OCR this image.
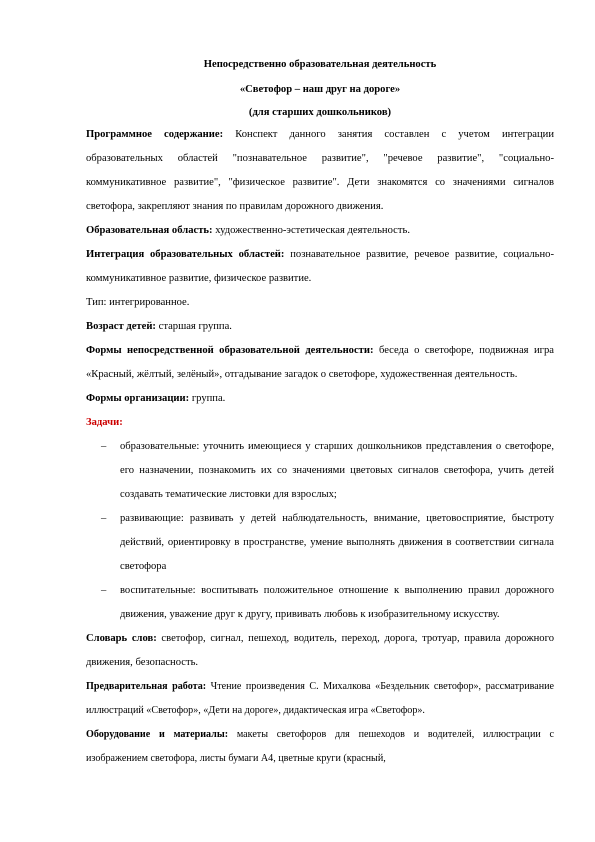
Непосредственно образовательная деятельность
«Светофор – наш друг на дороге»
(для старших дошкольников)

Программное содержание: Конспект данного занятия составлен с учетом интеграции образовательных областей "познавательное развитие", "речевое развитие", "социально-коммуникативное развитие", "физическое развитие". Дети знакомятся со значениями сигналов светофора, закрепляют знания по правилам дорожного движения.

Образовательная область: художественно-эстетическая деятельность.

Интеграция образовательных областей: познавательное развитие, речевое развитие, социально-коммуникативное развитие, физическое развитие.

Тип: интегрированное.

Возраст детей: старшая группа.

Формы непосредственной образовательной деятельности: беседа о светофоре, подвижная игра «Красный, жёлтый, зелёный», отгадывание загадок о светофоре, художественная деятельность.

Формы организации: группа.

Задачи:

– образовательные: уточнить имеющиеся у старших дошкольников представления о светофоре, его назначении, познакомить их со значениями цветовых сигналов светофора, учить детей создавать тематические листовки для взрослых;
– развивающие: развивать у детей наблюдательность, внимание, цветовосприятие, быстроту действий, ориентировку в пространстве, умение выполнять движения в соответствии сигнала светофора
– воспитательные: воспитывать положительное отношение к выполнению правил дорожного движения, уважение друг к другу, прививать любовь к изобразительному искусству.

Словарь слов: светофор, сигнал, пешеход, водитель, переход, дорога, тротуар, правила дорожного движения, безопасность.

Предварительная работа: Чтение произведения С. Михалкова «Бездельник светофор», рассматривание иллюстраций «Светофор», «Дети на дороге», дидактическая игра «Светофор».

Оборудование и материалы: макеты светофоров для пешеходов и водителей, иллюстрации с изображением светофора, листы бумаги А4, цветные круги (красный,
